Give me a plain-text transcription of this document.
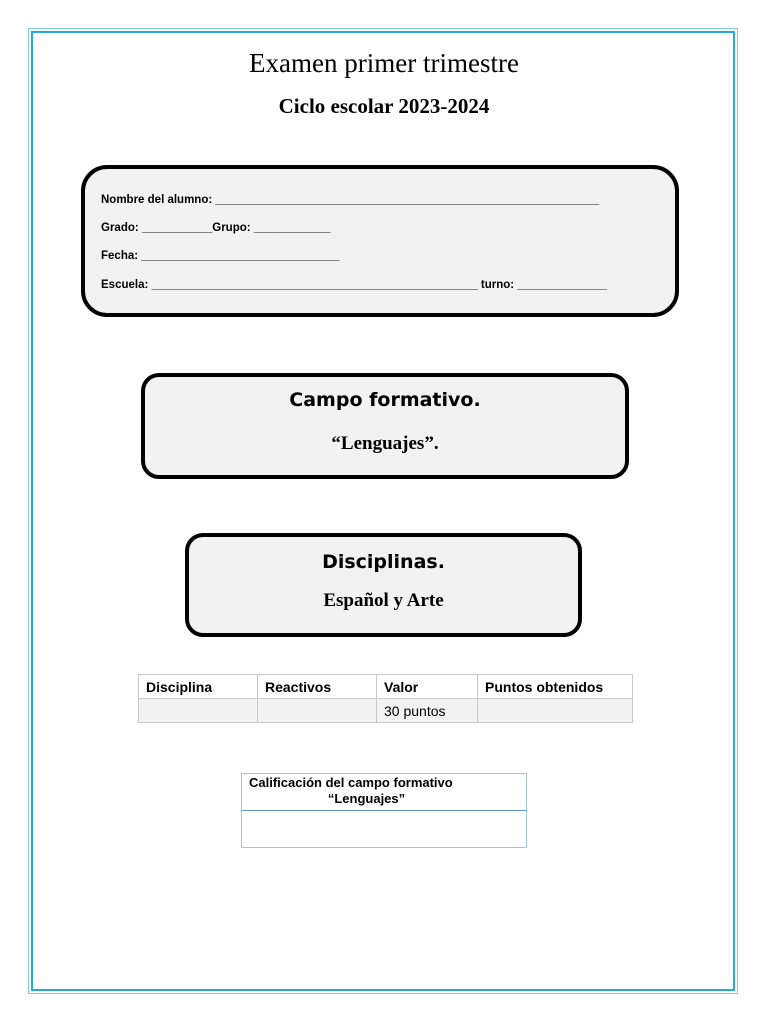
Examen primer trimestre
Ciclo escolar 2023-2024
Nombre del alumno: ____________________________________________________________
Grado: ___________Grupo: ____________
Fecha: _______________________________
Escuela: ___________________________________________________ turno: ______________
Campo formativo.
“Lenguajes”.
Disciplinas.
Español y Arte
Disciplina	Reactivos	Valor	Puntos obtenidos
		30 puntos	
Calificación del campo formativo
“Lenguajes”
